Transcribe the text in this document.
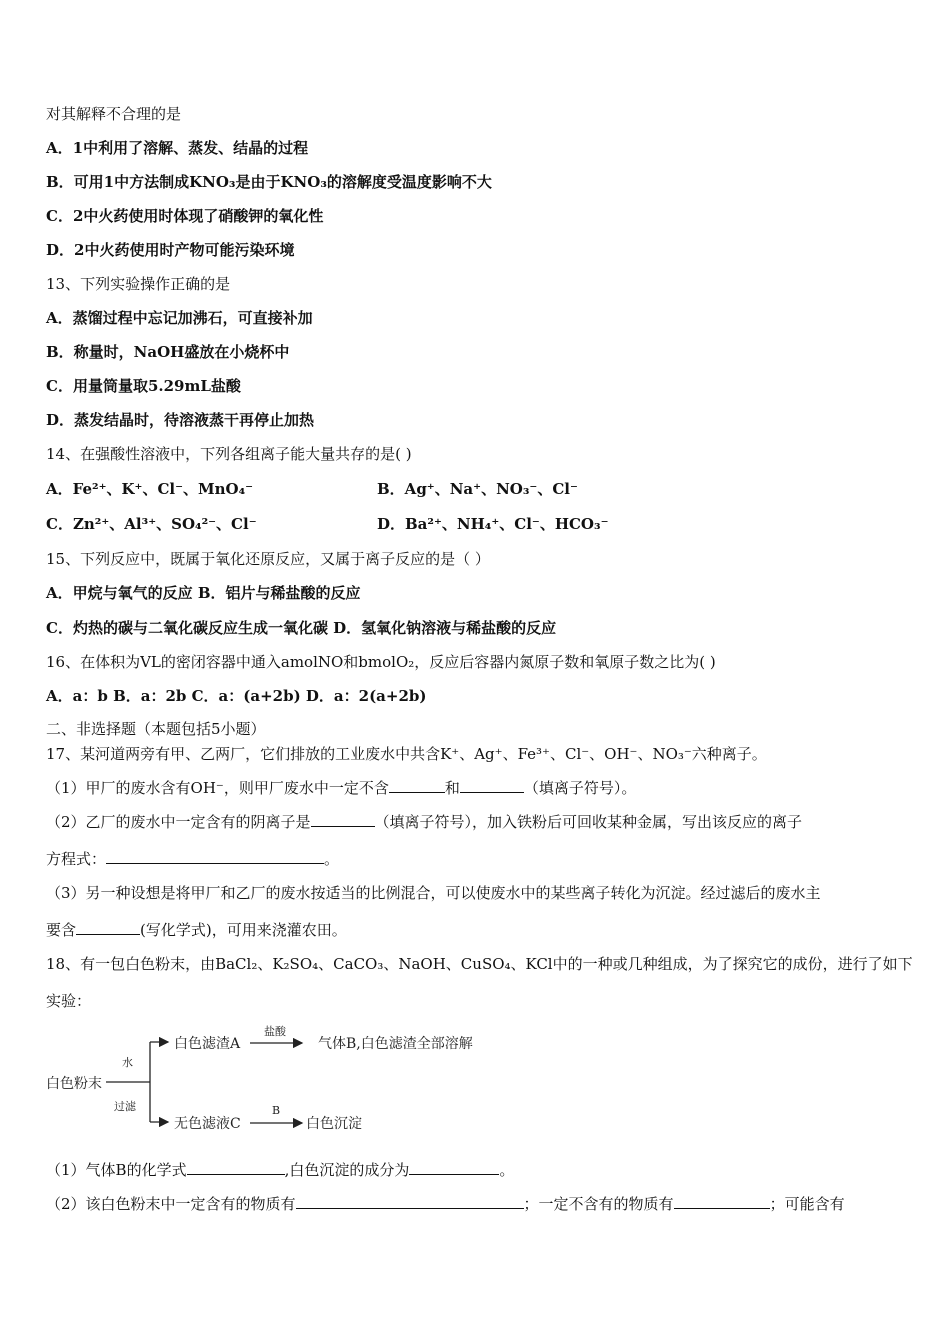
对其解释不合理的是
A．1中利用了溶解、蒸发、结晶的过程
B．可用1中方法制成KNO₃是由于KNO₃的溶解度受温度影响不大
C．2中火药使用时体现了硝酸钾的氧化性
D．2中火药使用时产物可能污染环境
13、下列实验操作正确的是
A．蒸馏过程中忘记加沸石，可直接补加
B．称量时，NaOH盛放在小烧杯中
C．用量筒量取5.29mL盐酸
D．蒸发结晶时，待溶液蒸干再停止加热
14、在强酸性溶液中，下列各组离子能大量共存的是( )
A．Fe²⁺、K⁺、Cl⁻、MnO₄⁻	B．Ag⁺、Na⁺、NO₃⁻、Cl⁻
C．Zn²⁺、Al³⁺、SO₄²⁻、Cl⁻	D．Ba²⁺、NH₄⁺、Cl⁻、HCO₃⁻
15、下列反应中，既属于氧化还原反应，又属于离子反应的是（ ）
A．甲烷与氧气的反应 B．铝片与稀盐酸的反应
C．灼热的碳与二氧化碳反应生成一氧化碳 D．氢氧化钠溶液与稀盐酸的反应
16、在体积为VL的密闭容器中通入amolNO和bmolO₂，反应后容器内氮原子数和氧原子数之比为( )
A．a：b B．a：2b C．a：(a+2b) D．a：2(a+2b)
二、非选择题（本题包括5小题）
17、某河道两旁有甲、乙两厂，它们排放的工业废水中共含K⁺、Ag⁺、Fe³⁺、Cl⁻、OH⁻、NO₃⁻六种离子。
（1）甲厂的废水含有OH⁻，则甲厂废水中一定不含	和	（填离子符号）。
（2）乙厂的废水中一定含有的阴离子是	（填离子符号），加入铁粉后可回收某种金属，写出该反应的离子
方程式：	。
（3）另一种设想是将甲厂和乙厂的废水按适当的比例混合，可以使废水中的某些离子转化为沉淀。经过滤后的废水主
要含	(写化学式)，可用来浇灌农田。
18、有一包白色粉末，由BaCl₂、K₂SO₄、CaCO₃、NaOH、CuSO₄、KCl中的一种或几种组成，为了探究它的成份，进行了如下
实验：
白色粉末
水
过滤
白色滤渣A
盐酸
气体B,白色滤渣全部溶解
无色滤液C
B
白色沉淀
（1）气体B的化学式	,白色沉淀的成分为	。
（2）该白色粉末中一定含有的物质有	；一定不含有的物质有	；可能含有
